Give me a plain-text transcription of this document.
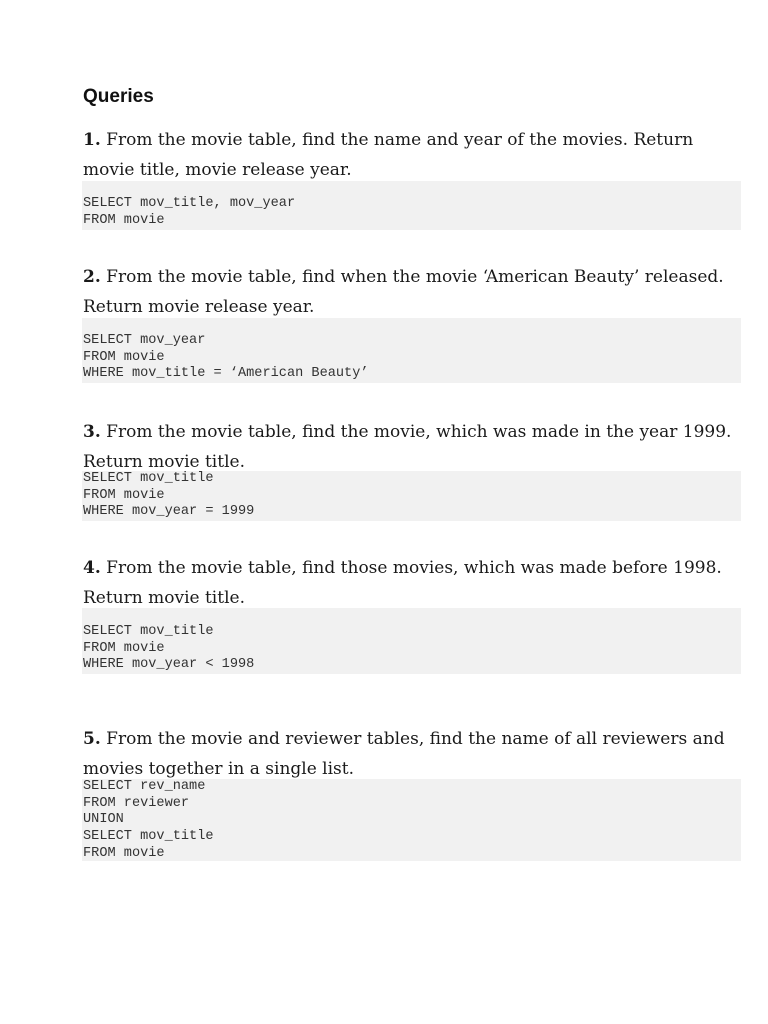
Queries

1. From the movie table, find the name and year of the movies. Return movie title, movie release year.

SELECT mov_title, mov_year
FROM movie

2. From the movie table, find when the movie ‘American Beauty’ released. Return movie release year.

SELECT mov_year
FROM movie
WHERE mov_title = ‘American Beauty’

3. From the movie table, find the movie, which was made in the year 1999. Return movie title.

SELECT mov_title
FROM movie
WHERE mov_year = 1999

4. From the movie table, find those movies, which was made before 1998. Return movie title.

SELECT mov_title
FROM movie
WHERE mov_year < 1998

5. From the movie and reviewer tables, find the name of all reviewers and movies together in a single list.

SELECT rev_name
FROM reviewer
UNION
SELECT mov_title
FROM movie
